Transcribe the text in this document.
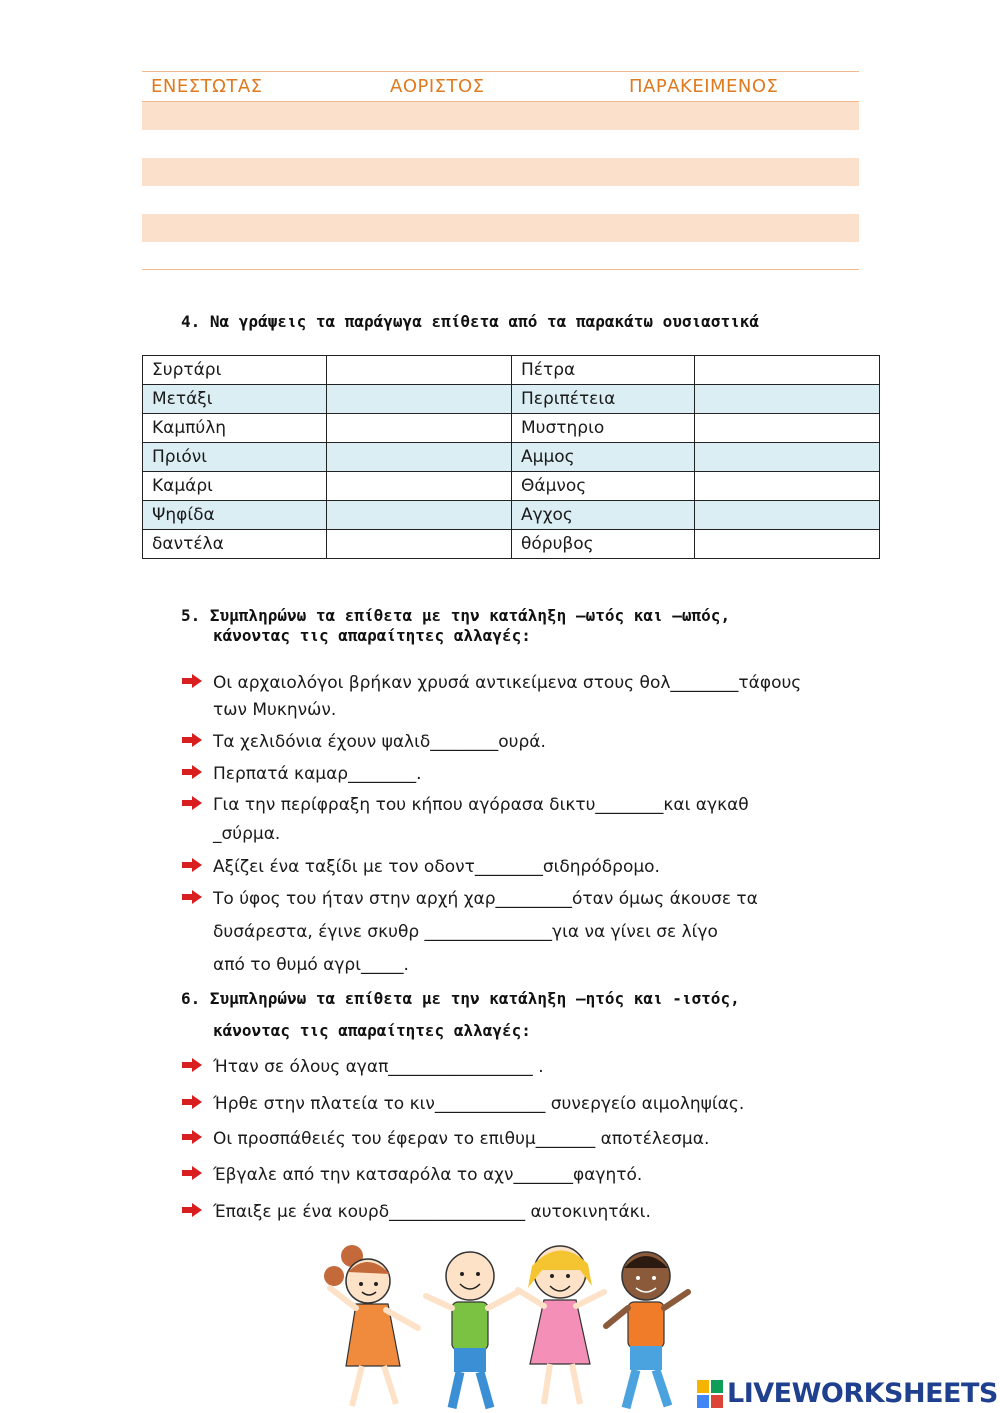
ΕΝΕΣΤΩΤΑΣ	ΑΟΡΙΣΤΟΣ	ΠΑΡΑΚΕΙΜΕΝΟΣ
4. Να γράψεις τα παράγωγα επίθετα από τα παρακάτω ουσιαστικά
Συρτάρι		Πέτρα	
Μετάξι		Περιπέτεια	
Καμπύλη		Μυστηριο	
Πριόνι		Αμμος	
Καμάρι		Θάμνος	
Ψηφίδα		Αγχος	
δαντέλα		θόρυβος	
5. Συμπληρώνω τα επίθετα με την κατάληξη –ωτός και –ωπός,
κάνοντας τις απαραίτητες αλλαγές:
Οι αρχαιολόγοι βρήκαν χρυσά αντικείμενα στους θολ________τάφους
των Μυκηνών.
Τα χελιδόνια έχουν ψαλιδ________ουρά.
Περπατά καμαρ________.
Για την περίφραξη του κήπου αγόρασα δικτυ________και αγκαθ
_σύρμα.
Αξίζει ένα ταξίδι με τον οδοντ________σιδηρόδρομο.
Το ύφος του ήταν στην αρχή χαρ_________όταν όμως άκουσε τα
δυσάρεστα, έγινε σκυθρ _______________για να γίνει σε λίγο
από το θυμό αγρι_____.
6. Συμπληρώνω τα επίθετα με την κατάληξη –ητός και -ιστός,
κάνοντας τις απαραίτητες αλλαγές:
Ήταν σε όλους αγαπ_________________ .
Ήρθε στην πλατεία το κιν_____________ συνεργείο αιμοληψίας.
Οι προσπάθειές του έφεραν το επιθυμ_______ αποτέλεσμα.
Έβγαλε από την κατσαρόλα το αχν_______φαγητό.
Έπαιξε με ένα κουρδ________________ αυτοκινητάκι.
LIVEWORKSHEETS
